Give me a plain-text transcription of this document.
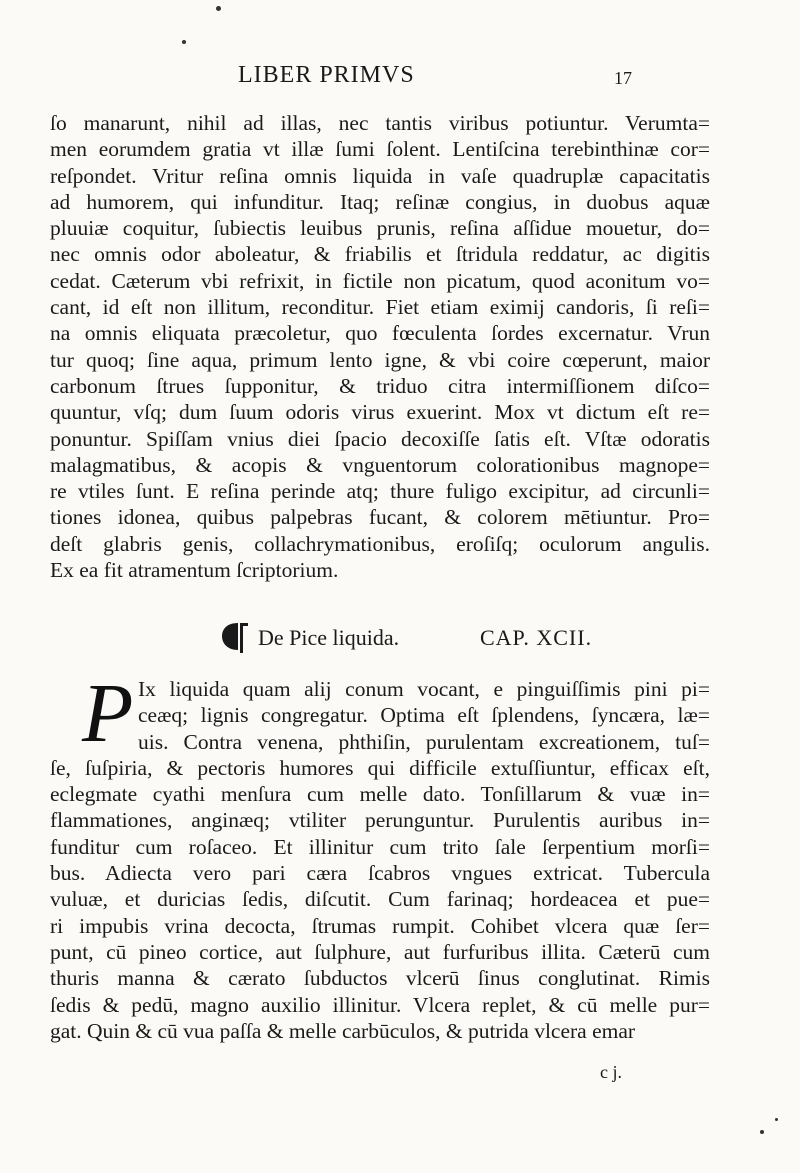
LIBER PRIMVS	17
ſo manarunt, nihil ad illas, nec tantis viribus potiuntur. Verumta=
men eorumdem gratia vt illæ ſumi ſolent. Lentiſcina terebinthinæ cor=
reſpondet. Vritur reſina omnis liquida in vaſe quadruplæ capacitatis
ad humorem, qui infunditur. Itaq; reſinæ congius, in duobus aquæ
pluuiæ coquitur, ſubiectis leuibus prunis, reſina aſſidue mouetur, do=
nec omnis odor aboleatur, & friabilis et ſtridula reddatur, ac digitis
cedat. Cæterum vbi refrixit, in fictile non picatum, quod aconitum vo=
cant, id eſt non illitum, reconditur. Fiet etiam eximij candoris, ſi reſi=
na omnis eliquata præcoletur, quo fœculenta ſordes excernatur. Vrun
tur quoq; ſine aqua, primum lento igne, & vbi coire cœperunt, maior
carbonum ſtrues ſupponitur, & triduo citra intermiſſionem diſco=
quuntur, vſq; dum ſuum odoris virus exuerint. Mox vt dictum eſt re=
ponuntur. Spiſſam vnius diei ſpacio decoxiſſe ſatis eſt. Vſtæ odoratis
malagmatibus, & acopis & vnguentorum colorationibus magnope=
re vtiles ſunt. E reſina perinde atq; thure fuligo excipitur, ad circunli=
tiones idonea, quibus palpebras fucant, & colorem mētiuntur. Pro=
deſt glabris genis, collachrymationibus, eroſiſq; oculorum angulis.
Ex ea fit atramentum ſcriptorium.
De Pice liquida.	CAP. XCII.
P Ix liquida quam alij conum vocant, e pinguiſſimis pini pi=
ceæq; lignis congregatur. Optima eſt ſplendens, ſyncæra, læ=
uis. Contra venena, phthiſin, purulentam excreationem, tuſ=
ſe, ſuſpiria, & pectoris humores qui difficile extuſſiuntur, efficax eſt,
eclegmate cyathi menſura cum melle dato. Tonſillarum & vuæ in=
flammationes, anginæq; vtiliter perunguntur. Purulentis auribus in=
funditur cum roſaceo. Et illinitur cum trito ſale ſerpentium morſi=
bus. Adiecta vero pari cæra ſcabros vngues extricat. Tubercula
vuluæ, et duricias ſedis, diſcutit. Cum farinaq; hordeacea et pue=
ri impubis vrina decocta, ſtrumas rumpit. Cohibet vlcera quæ ſer=
punt, cū pineo cortice, aut ſulphure, aut furfuribus illita. Cæterū cum
thuris manna & cærato ſubductos vlcerū ſinus conglutinat. Rimis
ſedis & pedū, magno auxilio illinitur. Vlcera replet, & cū melle pur=
gat. Quin & cū vua paſſa & melle carbūculos, & putrida vlcera emar
c j.
